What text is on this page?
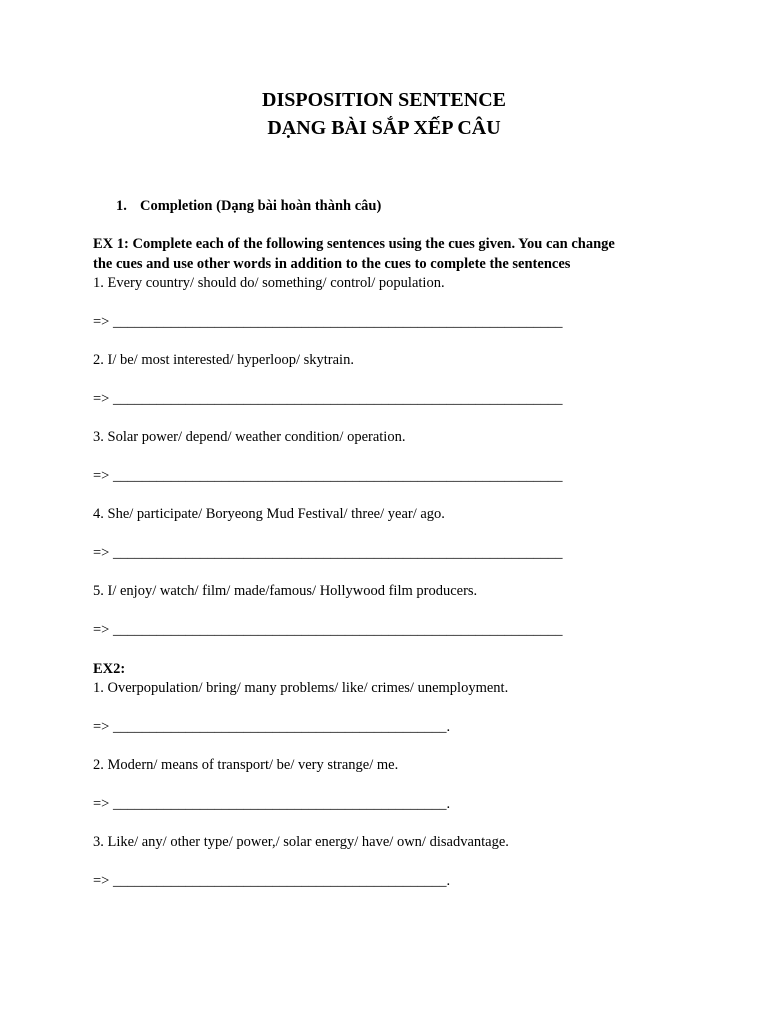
DISPOSITION SENTENCE
DẠNG BÀI SẮP XẾP CÂU
1. Completion (Dạng bài hoàn thành câu)
EX 1: Complete each of the following sentences using the cues given. You can change
the cues and use other words in addition to the cues to complete the sentences
1. Every country/ should do/ something/ control/ population.
=> ______________________________________________________________
2. I/ be/ most interested/ hyperloop/ skytrain.
=> ______________________________________________________________
3. Solar power/ depend/ weather condition/ operation.
=> ______________________________________________________________
4. She/ participate/ Boryeong Mud Festival/ three/ year/ ago.
=> ______________________________________________________________
5. I/ enjoy/ watch/ film/ made/famous/ Hollywood film producers.
=> ______________________________________________________________
EX2:
1. Overpopulation/ bring/ many problems/ like/ crimes/ unemployment.
=> ______________________________________________.
2. Modern/ means of transport/ be/ very strange/ me.
=> ______________________________________________.
3. Like/ any/ other type/ power,/ solar energy/ have/ own/ disadvantage.
=> ______________________________________________.
